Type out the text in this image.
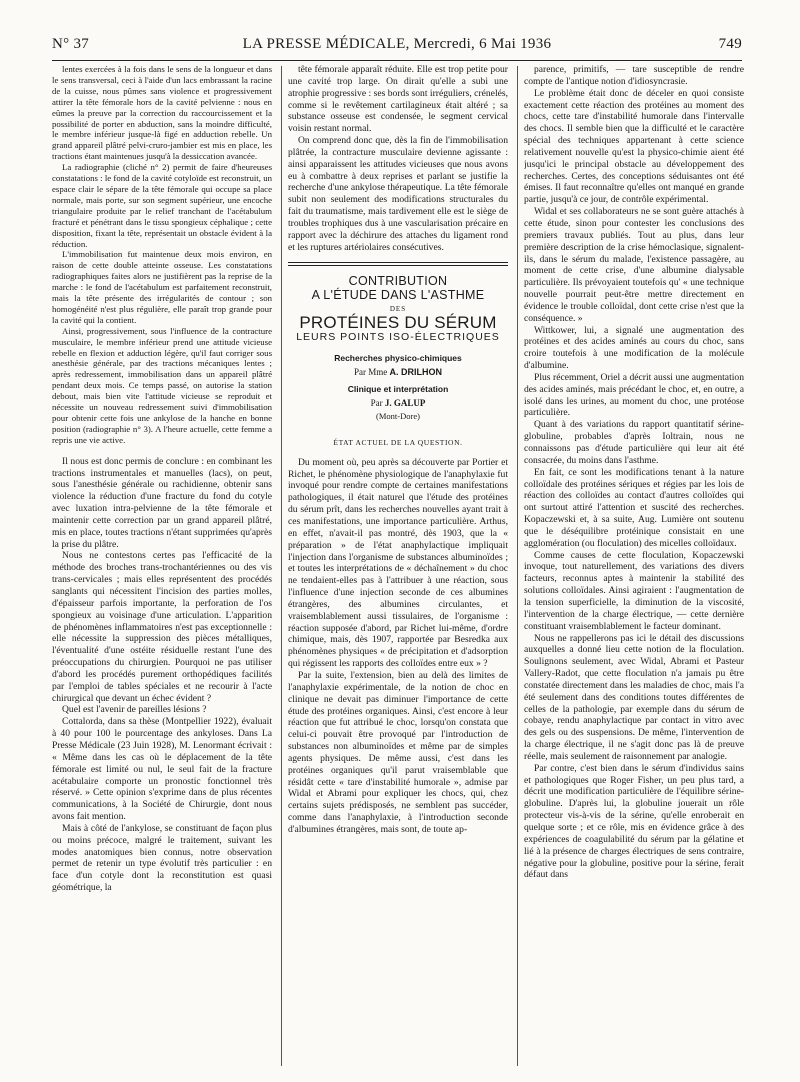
N° 37	LA PRESSE MÉDICALE, Mercredi, 6 Mai 1936	749

lentes exercées à la fois dans le sens de la longueur et dans le sens transversal, ceci à l'aide d'un lacs embrassant la racine de la cuisse, nous pûmes sans violence et progressivement attirer la tête fémorale hors de la cavité pelvienne : nous en eûmes la preuve par la correction du raccourcissement et la possibilité de porter en abduction, sans la moindre difficulté, le membre inférieur jusque-là figé en adduction rebelle. Un grand appareil plâtré pelvi-cruro-jambier est mis en place, les tractions étant maintenues jusqu'à la dessiccation avancée.

La radiographie (cliché n° 2) permit de faire d'heureuses constatations : le fond de la cavité cotyloïde est reconstruit, un espace clair le sépare de la tête fémorale qui occupe sa place normale, mais porte, sur son segment supérieur, une encoche triangulaire produite par le relief tranchant de l'acétabulum fracturé et pénétrant dans le tissu spongieux céphalique ; cette disposition, fixant la tête, représentait un obstacle évident à la réduction.

L'immobilisation fut maintenue deux mois environ, en raison de cette double atteinte osseuse. Les constatations radiographiques faites alors ne justifièrent pas la reprise de la marche : le fond de l'acétabulum est parfaitement reconstruit, mais la tête présente des irrégularités de contour ; son homogénéité n'est plus régulière, elle paraît trop grande pour la cavité qui la contient.

Ainsi, progressivement, sous l'influence de la contracture musculaire, le membre inférieur prend une attitude vicieuse rebelle en flexion et adduction légère, qu'il faut corriger sous anesthésie générale, par des tractions mécaniques lentes ; après redressement, immobilisation dans un appareil plâtré pendant deux mois. Ce temps passé, on autorise la station debout, mais bien vite l'attitude vicieuse se reproduit et nécessite un nouveau redressement suivi d'immobilisation pour obtenir cette fois une ankylose de la hanche en bonne position (radiographie n° 3). A l'heure actuelle, cette femme a repris une vie active.

Il nous est donc permis de conclure : en combinant les tractions instrumentales et manuelles (lacs), on peut, sous l'anesthésie générale ou rachidienne, obtenir sans violence la réduction d'une fracture du fond du cotyle avec luxation intra-pelvienne de la tête fémorale et maintenir cette correction par un grand appareil plâtré, mis en place, toutes tractions n'étant supprimées qu'après la prise du plâtre.

Nous ne contestons certes pas l'efficacité de la méthode des broches trans-trochantériennes ou des vis trans-cervicales ; mais elles représentent des procédés sanglants qui nécessitent l'incision des parties molles, d'épaisseur parfois importante, la perforation de l'os spongieux au voisinage d'une articulation. L'apparition de phénomènes inflammatoires n'est pas exceptionnelle : elle nécessite la suppression des pièces métalliques, l'éventualité d'une ostéite résiduelle restant l'une des préoccupations du chirurgien. Pourquoi ne pas utiliser d'abord les procédés purement orthopédiques facilités par l'emploi de tables spéciales et ne recourir à l'acte chirurgical que devant un échec évident ?

Quel est l'avenir de pareilles lésions ?

Cottalorda, dans sa thèse (Montpellier 1922), évaluait à 40 pour 100 le pourcentage des ankyloses. Dans La Presse Médicale (23 Juin 1928), M. Lenormant écrivait : « Même dans les cas où le déplacement de la tête fémorale est limité ou nul, le seul fait de la fracture acétabulaire comporte un pronostic fonctionnel très réservé. » Cette opinion s'exprime dans de plus récentes communications, à la Société de Chirurgie, dont nous avons fait mention.

Mais à côté de l'ankylose, se constituant de façon plus ou moins précoce, malgré le traitement, suivant les modes anatomiques bien connus, notre observation permet de retenir un type évolutif très particulier : en face d'un cotyle dont la reconstitution est quasi géométrique, la

tête fémorale apparaît réduite. Elle est trop petite pour une cavité trop large. On dirait qu'elle a subi une atrophie progressive : ses bords sont irréguliers, crénelés, comme si le revêtement cartilagineux était altéré ; sa substance osseuse est condensée, le segment cervical voisin restant normal.

On comprend donc que, dès la fin de l'immobilisation plâtrée, la contracture musculaire devienne agissante : ainsi apparaissent les attitudes vicieuses que nous avons eu à combattre à deux reprises et parlant se justifie la recherche d'une ankylose thérapeutique. La tête fémorale subit non seulement des modifications structurales du fait du traumatisme, mais tardivement elle est le siège de troubles trophiques dus à une vascularisation précaire en rapport avec la déchirure des attaches du ligament rond et les ruptures artériolaires consécutives.

CONTRIBUTION
A L'ÉTUDE DANS L'ASTHME
DES
PROTÉINES DU SÉRUM
LEURS POINTS ISO-ÉLECTRIQUES
Recherches physico-chimiques
Par Mme A. DRILHON
Clinique et interprétation
Par J. GALUP
(Mont-Dore)
ÉTAT ACTUEL DE LA QUESTION.

Du moment où, peu après sa découverte par Portier et Richet, le phénomène physiologique de l'anaphylaxie fut invoqué pour rendre compte de certaines manifestations pathologiques, il était naturel que l'étude des protéines du sérum prît, dans les recherches nouvelles ayant trait à ces manifestations, une importance particulière. Arthus, en effet, n'avait-il pas montré, dès 1903, que la « préparation » de l'état anaphylactique impliquait l'injection dans l'organisme de substances albuminoïdes ; et toutes les interprétations de « déchaînement » du choc ne tendaient-elles pas à l'attribuer à une réaction, sous l'influence d'une injection seconde de ces albumines étrangères, des albumines circulantes, et vraisemblablement aussi tissulaires, de l'organisme : réaction supposée d'abord, par Richet lui-même, d'ordre chimique, mais, dès 1907, rapportée par Besredka aux phénomènes physiques « de précipitation et d'adsorption qui régissent les rapports des colloïdes entre eux » ?

Par la suite, l'extension, bien au delà des limites de l'anaphylaxie expérimentale, de la notion de choc en clinique ne devait pas diminuer l'importance de cette étude des protéines organiques. Ainsi, c'est encore à leur réaction que fut attribué le choc, lorsqu'on constata que celui-ci pouvait être provoqué par l'introduction de substances non albuminoïdes et même par de simples agents physiques. De même aussi, c'est dans les protéines organiques qu'il parut vraisemblable que résidât cette « tare d'instabilité humorale », admise par Widal et Abrami pour expliquer les chocs, qui, chez certains sujets prédisposés, ne semblent pas succéder, comme dans l'anaphylaxie, à l'introduction seconde d'albumines étrangères, mais sont, de toute ap-

parence, primitifs, — tare susceptible de rendre compte de l'antique notion d'idiosyncrasie.

Le problème était donc de déceler en quoi consiste exactement cette réaction des protéines au moment des chocs, cette tare d'instabilité humorale dans l'intervalle des chocs. Il semble bien que la difficulté et le caractère spécial des techniques appartenant à cette science relativement nouvelle qu'est la physico-chimie aient été jusqu'ici le principal obstacle au développement des recherches. Certes, des conceptions séduisantes ont été émises. Il faut reconnaître qu'elles ont manqué en grande partie, jusqu'à ce jour, de contrôle expérimental.

Widal et ses collaborateurs ne se sont guère attachés à cette étude, sinon pour contester les conclusions des premiers travaux publiés. Tout au plus, dans leur première description de la crise hémoclasique, signalent-ils, dans le sérum du malade, l'existence passagère, au moment de cette crise, d'une albumine dialysable particulière. Ils prévoyaient toutefois qu' « une technique nouvelle pourrait peut-être mettre directement en évidence le trouble colloïdal, dont cette crise n'est que la conséquence. »

Wittkower, lui, a signalé une augmentation des protéines et des acides aminés au cours du choc, sans croire toutefois à une modification de la molécule d'albumine.

Plus récemment, Oriel a décrit aussi une augmentation des acides aminés, mais précédant le choc, et, en outre, a isolé dans les urines, au moment du choc, une protéose particulière.

Quant à des variations du rapport quantitatif sérine-globuline, probables d'après Ioltrain, nous ne connaissons pas d'étude particulière qui leur ait été consacrée, du moins dans l'asthme.

En fait, ce sont les modifications tenant à la nature colloïdale des protéines sériques et régies par les lois de réaction des colloïdes au contact d'autres colloïdes qui ont surtout attiré l'attention et suscité des recherches. Kopaczewski et, à sa suite, Aug. Lumière ont soutenu que le déséquilibre protéinique consistait en une agglomération (ou floculation) des micelles colloïdaux.

Comme causes de cette floculation, Kopaczewski invoque, tout naturellement, des variations des divers facteurs, reconnus aptes à maintenir la stabilité des solutions colloïdales. Ainsi agiraient : l'augmentation de la tension superficielle, la diminution de la viscosité, l'intervention de la charge électrique, — cette dernière constituant vraisemblablement le facteur dominant.

Nous ne rappellerons pas ici le détail des discussions auxquelles a donné lieu cette notion de la floculation. Soulignons seulement, avec Widal, Abrami et Pasteur Vallery-Radot, que cette floculation n'a jamais pu être constatée directement dans les maladies de choc, mais l'a été seulement dans des conditions toutes différentes de celles de la pathologie, par exemple dans du sérum de cobaye, rendu anaphylactique par contact in vitro avec des gels ou des suspensions. De même, l'intervention de la charge électrique, il ne s'agit donc pas là de preuve réelle, mais seulement de raisonnement par analogie.

Par contre, c'est bien dans le sérum d'individus sains et pathologiques que Roger Fisher, un peu plus tard, a décrit une modification particulière de l'équilibre sérine-globuline. D'après lui, la globuline jouerait un rôle protecteur vis-à-vis de la sérine, qu'elle enroberait en quelque sorte ; et ce rôle, mis en évidence grâce à des expériences de coagulabilité du sérum par la gélatine et lié à la présence de charges électriques de sens contraire, négative pour la globuline, positive pour la sérine, ferait défaut dans
